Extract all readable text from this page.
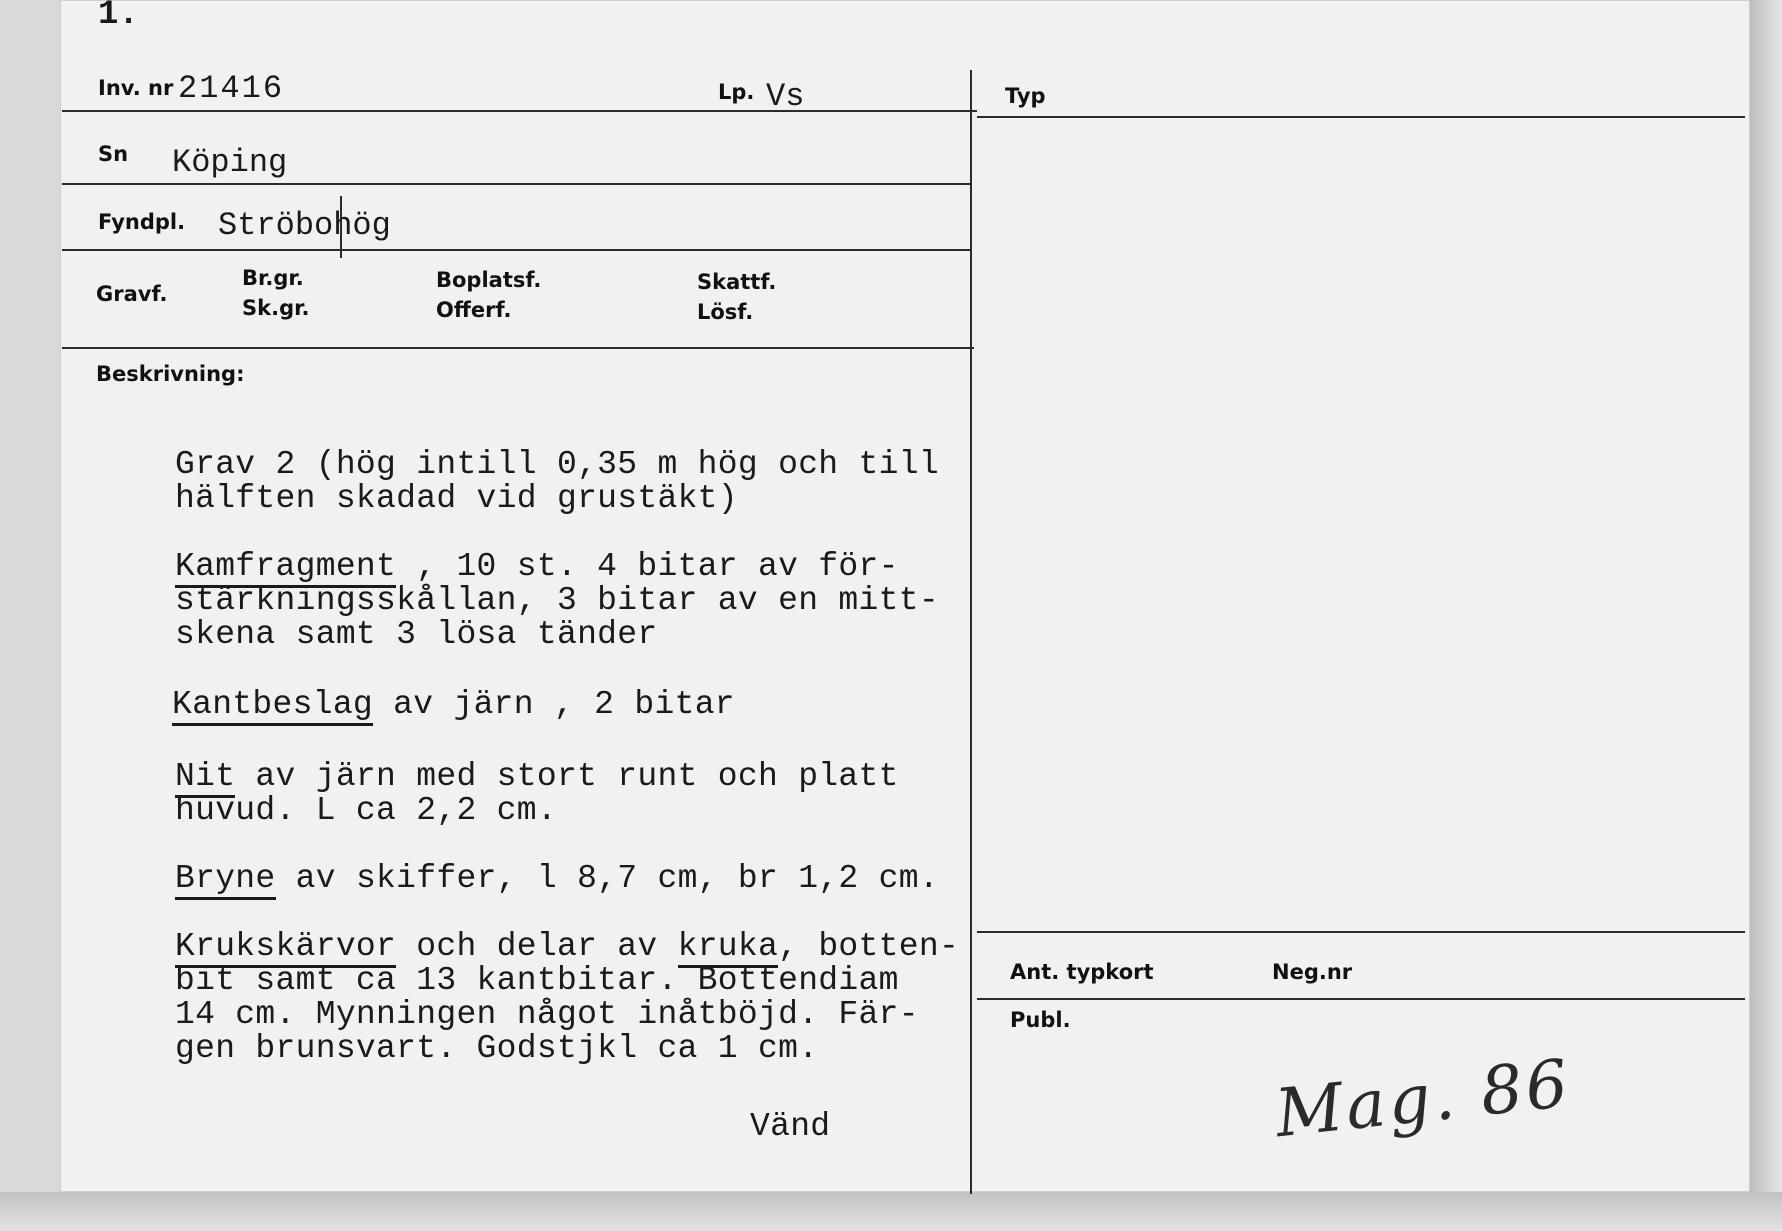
1.
Inv. nr 21416	Lp. Vs	Typ
Sn Köping
Fyndpl. Ströbohög
Gravf.
Br.gr.
Sk.gr.
Boplatsf.
Offerf.
Skattf.
Lösf.
Beskrivning:
Grav 2 (hög intill 0,35 m hög och till
hälften skadad vid grustäkt)
Kamfragment , 10 st. 4 bitar av för-
stärkningsskållan, 3 bitar av en mitt-
skena samt 3 lösa tänder
Kantbeslag av järn , 2 bitar
Nit av järn med stort runt och platt
huvud. L ca 2,2 cm.
Bryne av skiffer, l 8,7 cm, br 1,2 cm.
Krukskärvor och delar av kruka, botten-
bit samt ca 13 kantbitar. Bottendiam
14 cm. Mynningen något inåtböjd. Fär-
gen brunsvart. Godstjkl ca 1 cm.
Vänd
Ant. typkort	Neg.nr
Publ.
Mag. 86
